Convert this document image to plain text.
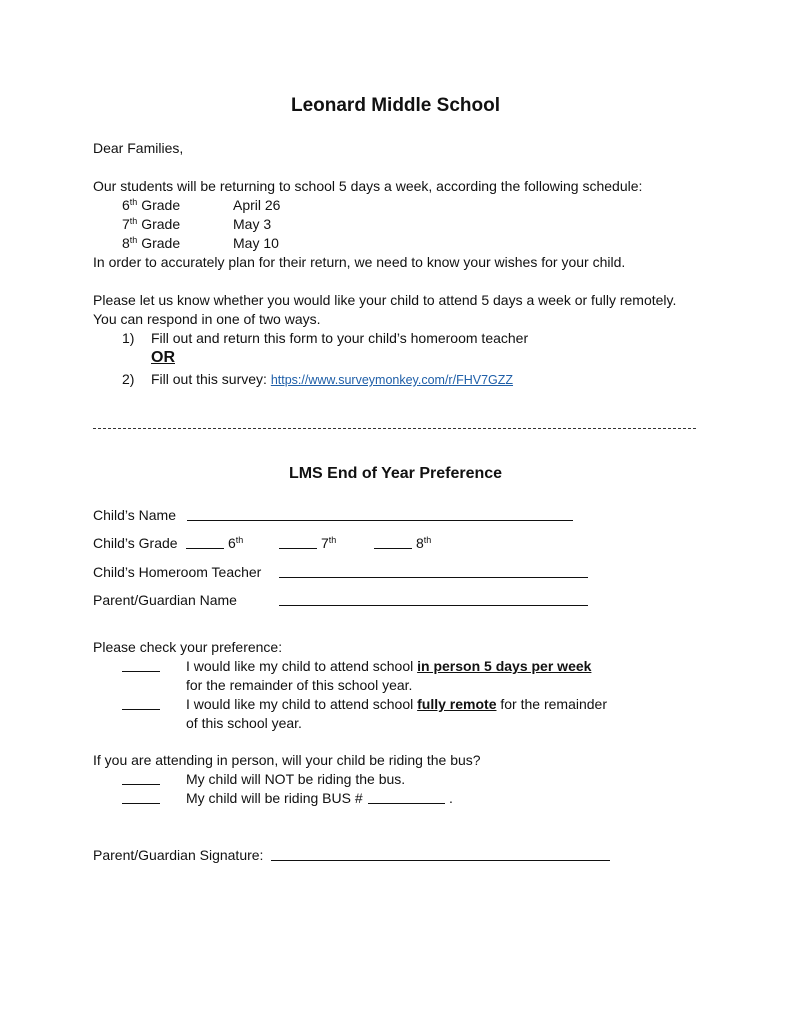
Leonard Middle School
Dear Families,
Our students will be returning to school 5 days a week, according the following schedule:
6th Grade	April 26
7th Grade	May 3
8th Grade	May 10
In order to accurately plan for their return, we need to know your wishes for your child.
Please let us know whether you would like your child to attend 5 days a week or fully remotely.
You can respond in one of two ways.
1) Fill out and return this form to your child’s homeroom teacher
OR
2) Fill out this survey: https://www.surveymonkey.com/r/FHV7GZZ
LMS End of Year Preference
Child’s Name
Child’s Grade	6th	7th	8th
Child’s Homeroom Teacher
Parent/Guardian Name
Please check your preference:
I would like my child to attend school in person 5 days per week
for the remainder of this school year.
I would like my child to attend school fully remote for the remainder
of this school year.
If you are attending in person, will your child be riding the bus?
My child will NOT be riding the bus.
My child will be riding BUS #	.
Parent/Guardian Signature:
